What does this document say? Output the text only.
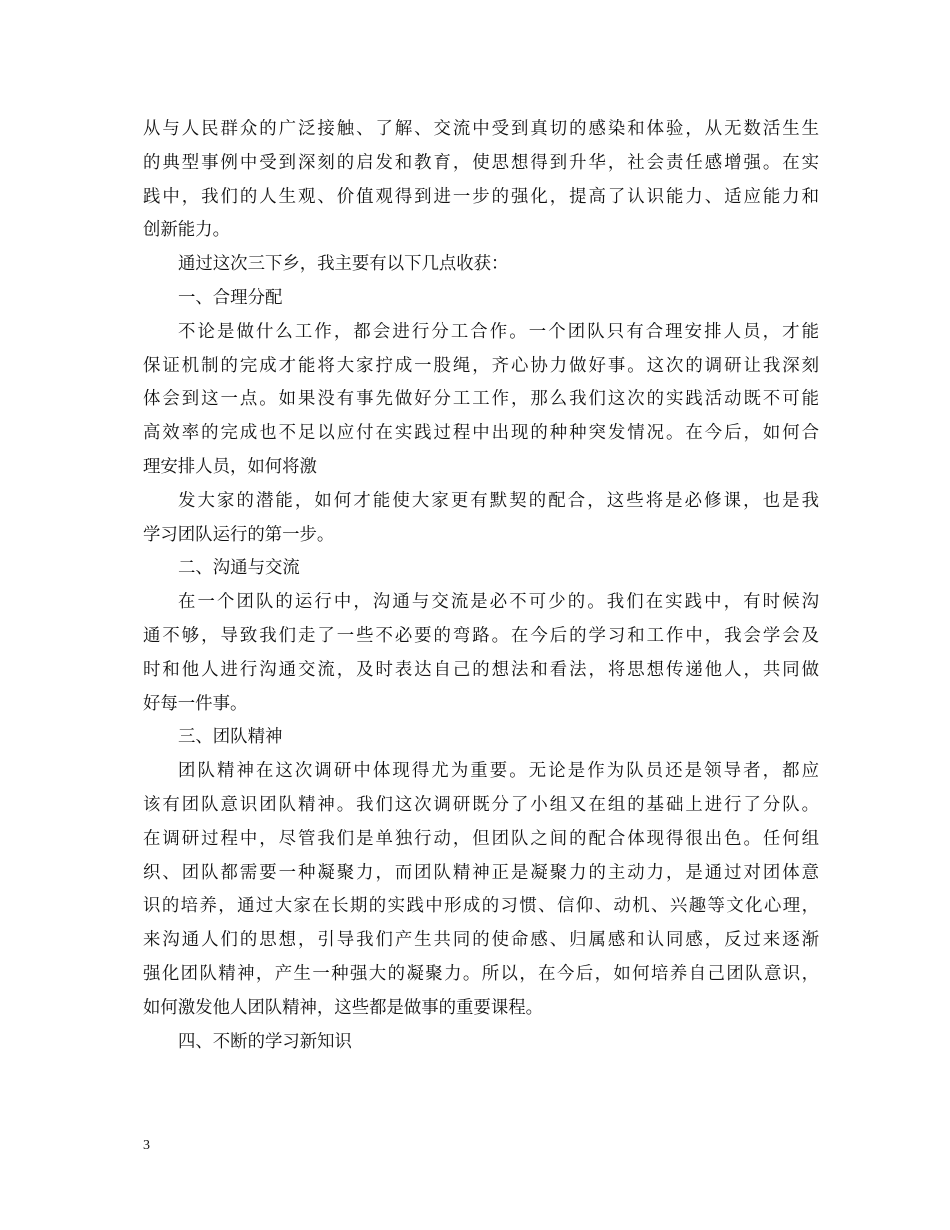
从与人民群众的广泛接触、了解、交流中受到真切的感染和体验，从无数活生生
的典型事例中受到深刻的启发和教育，使思想得到升华，社会责任感增强。在实
践中，我们的人生观、价值观得到进一步的强化，提高了认识能力、适应能力和
创新能力。

通过这次三下乡，我主要有以下几点收获：

一、合理分配

不论是做什么工作，都会进行分工合作。一个团队只有合理安排人员，才能
保证机制的完成才能将大家拧成一股绳，齐心协力做好事。这次的调研让我深刻
体会到这一点。如果没有事先做好分工工作，那么我们这次的实践活动既不可能
高效率的完成也不足以应付在实践过程中出现的种种突发情况。在今后，如何合
理安排人员，如何将激

发大家的潜能，如何才能使大家更有默契的配合，这些将是必修课，也是我
学习团队运行的第一步。

二、沟通与交流

在一个团队的运行中，沟通与交流是必不可少的。我们在实践中，有时候沟
通不够，导致我们走了一些不必要的弯路。在今后的学习和工作中，我会学会及
时和他人进行沟通交流，及时表达自己的想法和看法，将思想传递他人，共同做
好每一件事。

三、团队精神

团队精神在这次调研中体现得尤为重要。无论是作为队员还是领导者，都应
该有团队意识团队精神。我们这次调研既分了小组又在组的基础上进行了分队。
在调研过程中，尽管我们是单独行动，但团队之间的配合体现得很出色。任何组
织、团队都需要一种凝聚力，而团队精神正是凝聚力的主动力，是通过对团体意
识的培养，通过大家在长期的实践中形成的习惯、信仰、动机、兴趣等文化心理，
来沟通人们的思想，引导我们产生共同的使命感、归属感和认同感，反过来逐渐
强化团队精神，产生一种强大的凝聚力。所以，在今后，如何培养自己团队意识，
如何激发他人团队精神，这些都是做事的重要课程。

四、不断的学习新知识

3
